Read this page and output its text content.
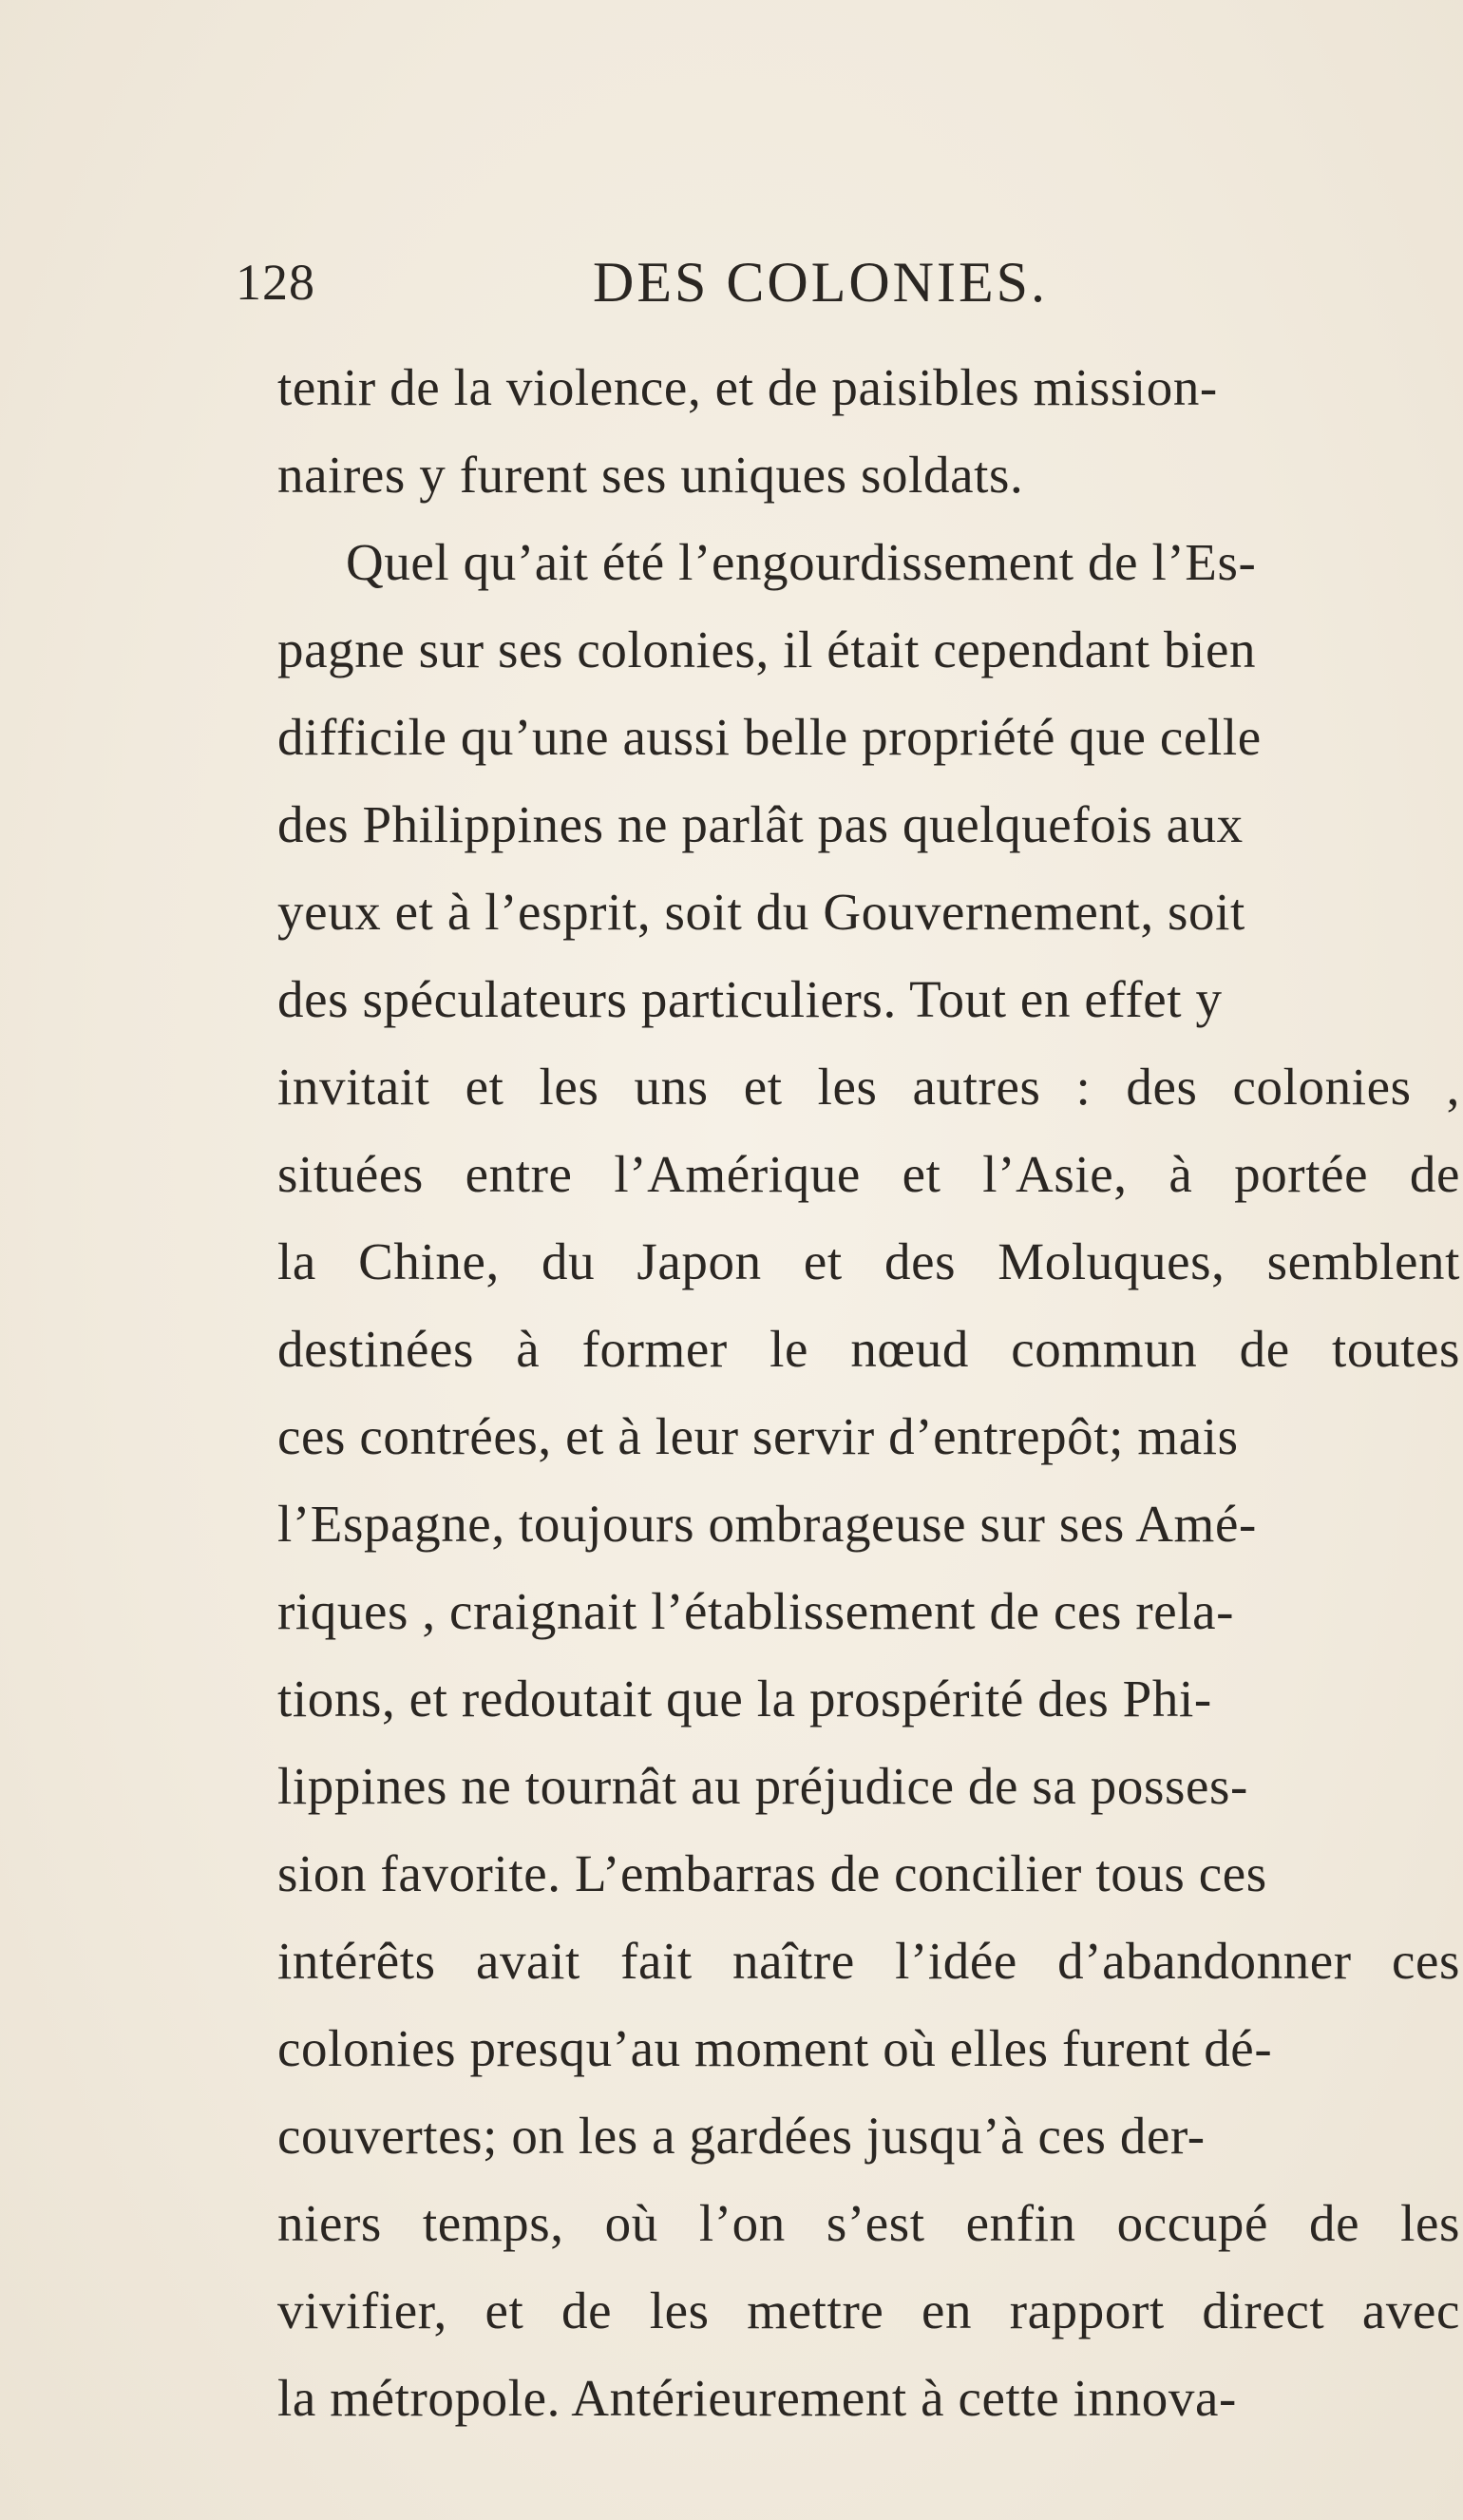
128	DES COLONIES.
tenir de la violence, et de paisibles mission-
naires y furent ses uniques soldats.
Quel qu’ait été l’engourdissement de l’Es-
pagne sur ses colonies, il était cependant bien
difficile qu’une aussi belle propriété que celle
des Philippines ne parlât pas quelquefois aux
yeux et à l’esprit, soit du Gouvernement, soit
des spéculateurs particuliers. Tout en effet y
invitait et les uns et les autres : des colonies ,
situées entre l’Amérique et l’Asie, à portée de
la Chine, du Japon et des Moluques, semblent
destinées à former le nœud commun de toutes
ces contrées, et à leur servir d’entrepôt; mais
l’Espagne, toujours ombrageuse sur ses Amé-
riques , craignait l’établissement de ces rela-
tions, et redoutait que la prospérité des Phi-
lippines ne tournât au préjudice de sa posses-
sion favorite. L’embarras de concilier tous ces
intérêts avait fait naître l’idée d’abandonner ces
colonies presqu’au moment où elles furent dé-
couvertes; on les a gardées jusqu’à ces der-
niers temps, où l’on s’est enfin occupé de les
vivifier, et de les mettre en rapport direct avec
la métropole. Antérieurement à cette innova-
